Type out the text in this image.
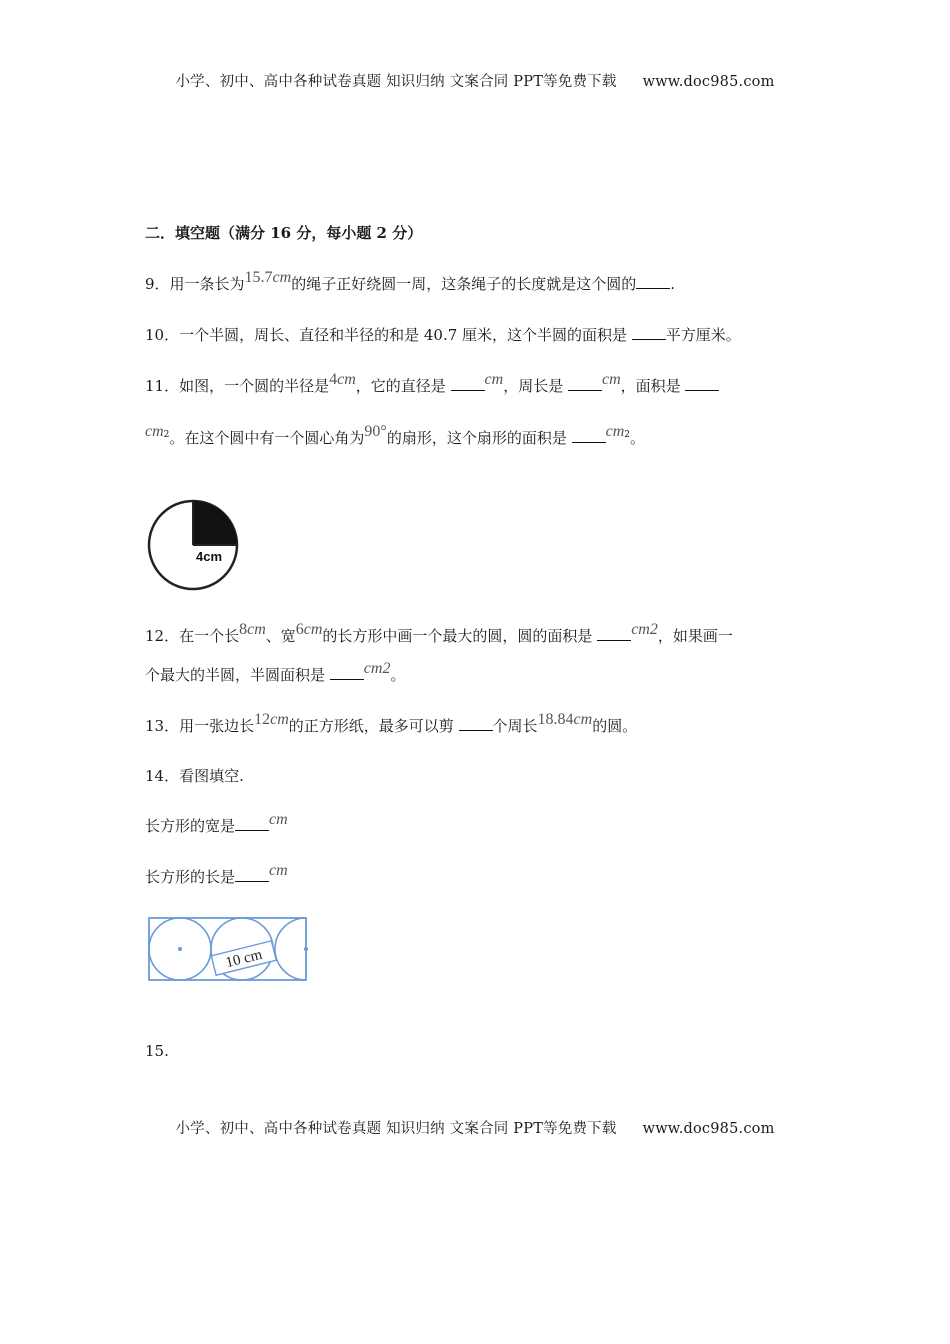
小学、初中、高中各种试卷真题 知识归纳 文案合同 PPT等免费下载 www.doc985.com
二．填空题（满分 16 分，每小题 2 分）
9．用一条长为15.7cm的绳子正好绕圆一周，这条绳子的长度就是这个圆的 .
10．一个半圆，周长、直径和半径的和是 40.7 厘米，这个半圆的面积是 平方厘米。
11．如图，一个圆的半径是4cm，它的直径是 cm，周长是 cm，面积是
$cm^2$。在这个圆中有一个圆心角为90°的扇形，这个扇形的面积是 $cm^2$。
4cm
12．在一个长8cm、宽6cm的长方形中画一个最大的圆，圆的面积是 cm2，如果画一
个最大的半圆，半圆面积是 cm2。
13．用一张边长12cm的正方形纸，最多可以剪 个周长18.84cm的圆。
14．看图填空.
长方形的宽是 cm
长方形的长是 cm
10 cm
15.
小学、初中、高中各种试卷真题 知识归纳 文案合同 PPT等免费下载 www.doc985.com
